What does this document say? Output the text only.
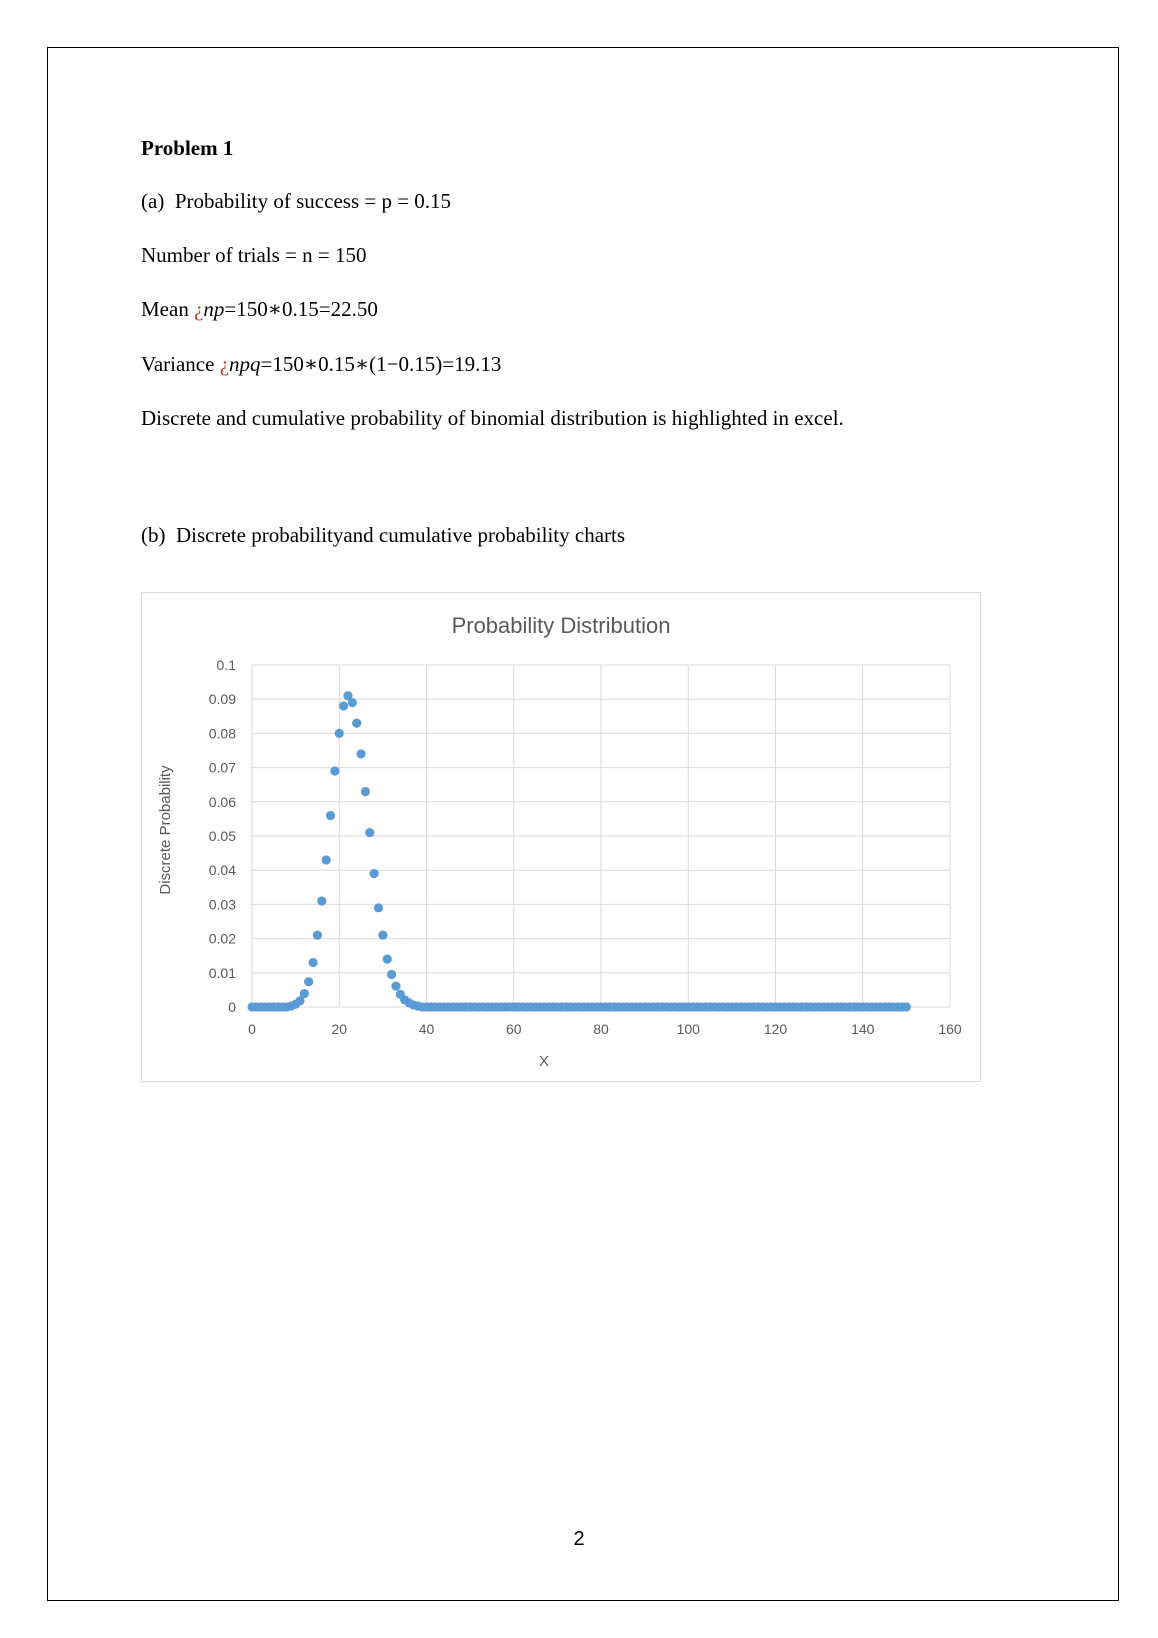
Problem 1
(a) Probability of success = p = 0.15
Number of trials = n = 150
Mean ¿np=150∗0.15=22.50
Variance ¿npq=150∗0.15∗(1−0.15)=19.13
Discrete and cumulative probability of binomial distribution is highlighted in excel.
(b) Discrete probabilityand cumulative probability charts
0
0.01
0.02
0.03
0.04
0.05
0.06
0.07
0.08
0.09
0.1
0	20	40	60	80	100	120	140	160
Probability Distribution
X
Discrete Probability
2
